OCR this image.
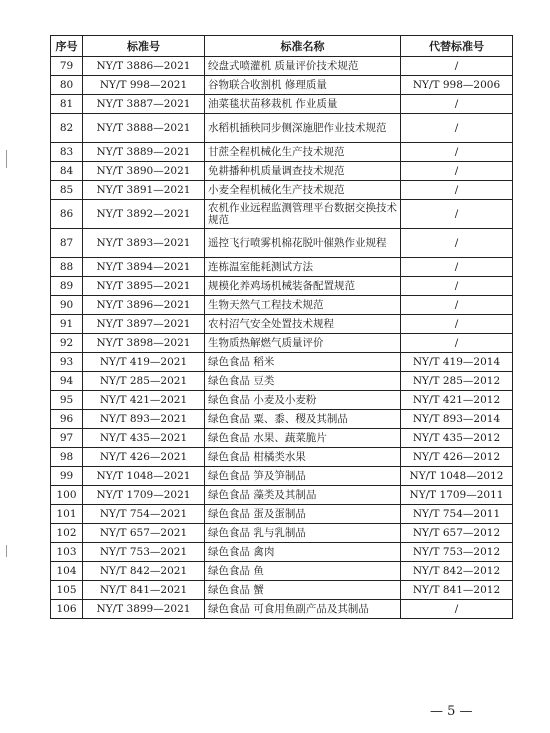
序号	标准号	标准名称	代替标准号
79	NY/T 3886—2021	绞盘式喷灌机 质量评价技术规范	/
80	NY/T 998—2021	谷物联合收割机 修理质量	NY/T 998—2006
81	NY/T 3887—2021	油菜毯状苗移栽机 作业质量	/
82	NY/T 3888—2021	水稻机插秧同步侧深施肥作业技术规范	/
83	NY/T 3889—2021	甘蔗全程机械化生产技术规范	/
84	NY/T 3890—2021	免耕播种机质量调查技术规范	/
85	NY/T 3891—2021	小麦全程机械化生产技术规范	/
86	NY/T 3892—2021	农机作业远程监测管理平台数据交换技术规范	/
87	NY/T 3893—2021	遥控飞行喷雾机棉花脱叶催熟作业规程	/
88	NY/T 3894—2021	连栋温室能耗测试方法	/
89	NY/T 3895—2021	规模化养鸡场机械装备配置规范	/
90	NY/T 3896—2021	生物天然气工程技术规范	/
91	NY/T 3897—2021	农村沼气安全处置技术规程	/
92	NY/T 3898—2021	生物质热解燃气质量评价	/
93	NY/T 419—2021	绿色食品 稻米	NY/T 419—2014
94	NY/T 285—2021	绿色食品 豆类	NY/T 285—2012
95	NY/T 421—2021	绿色食品 小麦及小麦粉	NY/T 421—2012
96	NY/T 893—2021	绿色食品 粟、黍、稷及其制品	NY/T 893—2014
97	NY/T 435—2021	绿色食品 水果、蔬菜脆片	NY/T 435—2012
98	NY/T 426—2021	绿色食品 柑橘类水果	NY/T 426—2012
99	NY/T 1048—2021	绿色食品 笋及笋制品	NY/T 1048—2012
100	NY/T 1709—2021	绿色食品 藻类及其制品	NY/T 1709—2011
101	NY/T 754—2021	绿色食品 蛋及蛋制品	NY/T 754—2011
102	NY/T 657—2021	绿色食品 乳与乳制品	NY/T 657—2012
103	NY/T 753—2021	绿色食品 禽肉	NY/T 753—2012
104	NY/T 842—2021	绿色食品 鱼	NY/T 842—2012
105	NY/T 841—2021	绿色食品 蟹	NY/T 841—2012
106	NY/T 3899—2021	绿色食品 可食用鱼副产品及其制品	/
— 5 —
